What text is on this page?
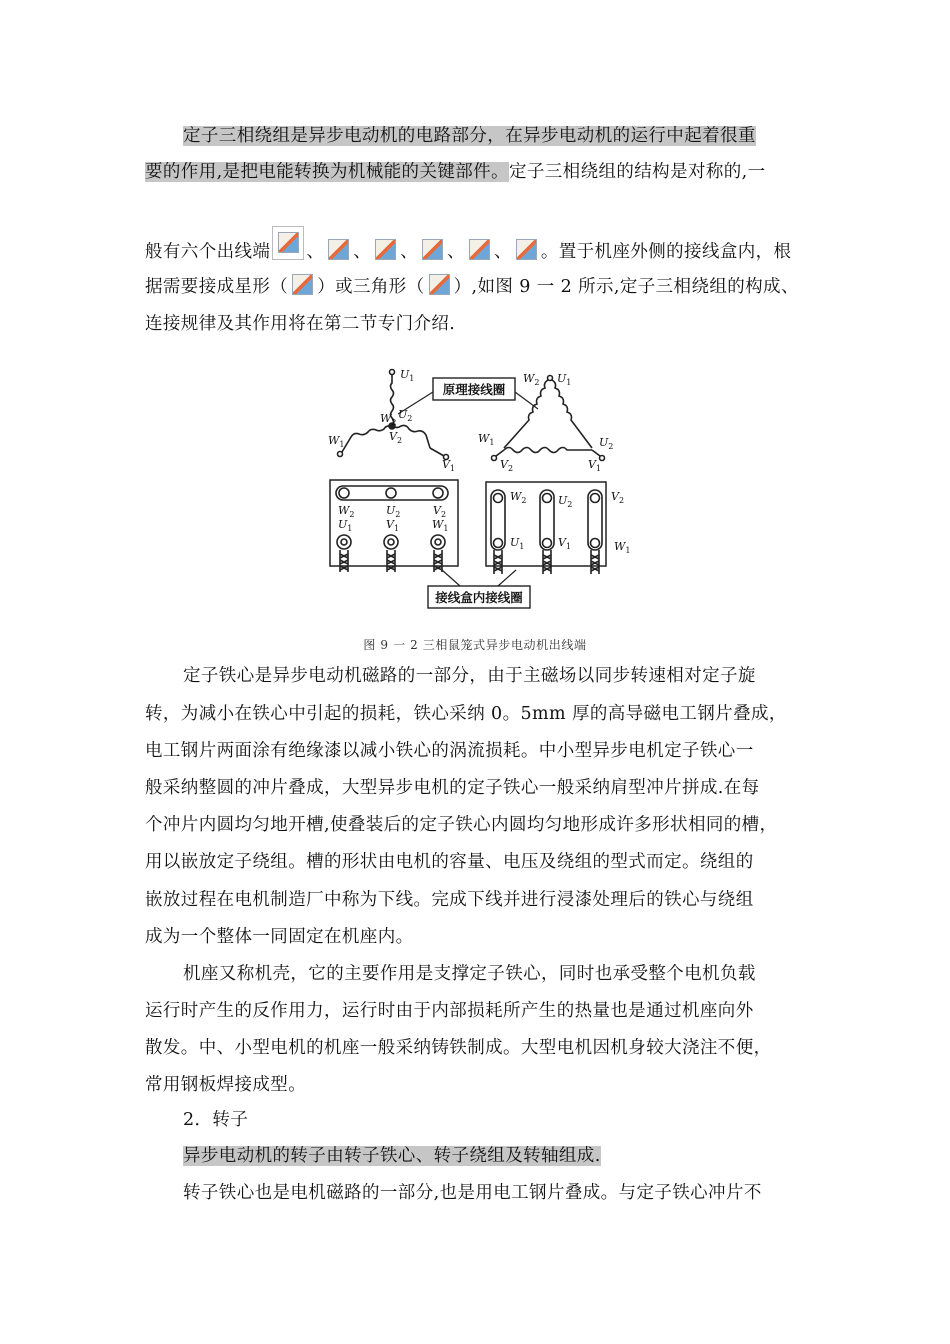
定子三相绕组是异步电动机的电路部分，在异步电动机的运行中起着很重
要的作用,是把电能转换为机械能的关键部件。定子三相绕组的结构是对称的,一
般有六个出线端 、 、 、 、 、 。置于机座外侧的接线盒内，根
据需要接成星形（ ）或三角形（ ）,如图 9 一 2 所示,定子三相绕组的构成、
连接规律及其作用将在第二节专门介绍.
$U_1$
$W_2$
$U_2$
$V_2$
$W_1$
$V_1$
$W_2$ $U_1$
$W_1$	$U_2$
$V_2$	$V_1$
$W_2$	$U_2$	$V_2$
$U_1$	$V_1$	$W_1$
$W_2$	$U_2$
$V_2$
$U_1$	$V_1$	$W_1$
原理接线圈
接线盒内接线圈
图 9 一 2 三相鼠笼式异步电动机出线端
定子铁心是异步电动机磁路的一部分，由于主磁场以同步转速相对定子旋
转，为减小在铁心中引起的损耗，铁心采纳 0。5mm 厚的高导磁电工钢片叠成，
电工钢片两面涂有绝缘漆以减小铁心的涡流损耗。中小型异步电机定子铁心一
般采纳整圆的冲片叠成，大型异步电机的定子铁心一般采纳肩型冲片拼成.在每
个冲片内圆均匀地开槽,使叠装后的定子铁心内圆均匀地形成许多形状相同的槽，
用以嵌放定子绕组。槽的形状由电机的容量、电压及绕组的型式而定。绕组的
嵌放过程在电机制造厂中称为下线。完成下线并进行浸漆处理后的铁心与绕组
成为一个整体一同固定在机座内。
机座又称机壳，它的主要作用是支撑定子铁心，同时也承受整个电机负载
运行时产生的反作用力，运行时由于内部损耗所产生的热量也是通过机座向外
散发。中、小型电机的机座一般采纳铸铁制成。大型电机因机身较大浇注不便，
常用钢板焊接成型。
2．转子
异步电动机的转子由转子铁心、转子绕组及转轴组成.
转子铁心也是电机磁路的一部分,也是用电工钢片叠成。与定子铁心冲片不
